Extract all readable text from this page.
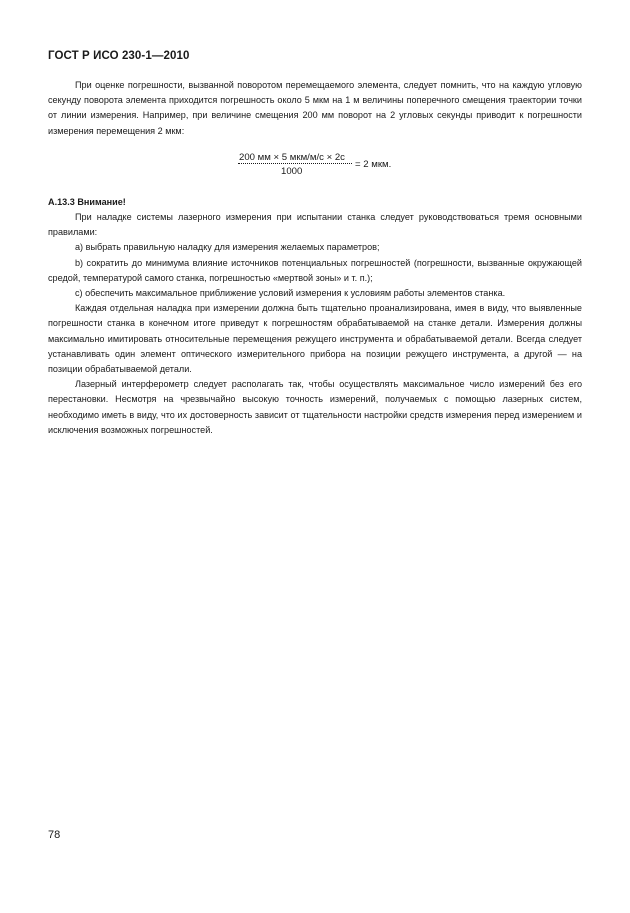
ГОСТ Р ИСО 230-1—2010

При оценке погрешности, вызванной поворотом перемещаемого элемента, следует помнить, что на каждую угловую секунду поворота элемента приходится погрешность около 5 мкм на 1 м величины поперечного смещения траектории точки от линии измерения. Например, при величине смещения 200 мм поворот на 2 угловых секунды приводит к погрешности измерения перемещения 2 мкм:

200 мм × 5 мкм/м/с × 2с
1000
= 2 мкм.
А.13.3 Внимание!

При наладке системы лазерного измерения при испытании станка следует руководствоваться тремя основными правилами:

а) выбрать правильную наладку для измерения желаемых параметров;

b) сократить до минимума влияние источников потенциальных погрешностей (погрешности, вызванные окружающей средой, температурой самого станка, погрешностью «мертвой зоны» и т. п.);

с) обеспечить максимальное приближение условий измерения к условиям работы элементов станка.

Каждая отдельная наладка при измерении должна быть тщательно проанализирована, имея в виду, что выявленные погрешности станка в конечном итоге приведут к погрешностям обрабатываемой на станке детали. Измерения должны максимально имитировать относительные перемещения режущего инструмента и обрабатываемой детали. Всегда следует устанавливать один элемент оптического измерительного прибора на позиции режущего инструмента, а другой — на позиции обрабатываемой детали.

Лазерный интерферометр следует располагать так, чтобы осуществлять максимальное число измерений без его перестановки. Несмотря на чрезвычайно высокую точность измерений, получаемых с помощью лазерных систем, необходимо иметь в виду, что их достоверность зависит от тщательности настройки средств измерения перед измерением и исключения возможных погрешностей.

78
